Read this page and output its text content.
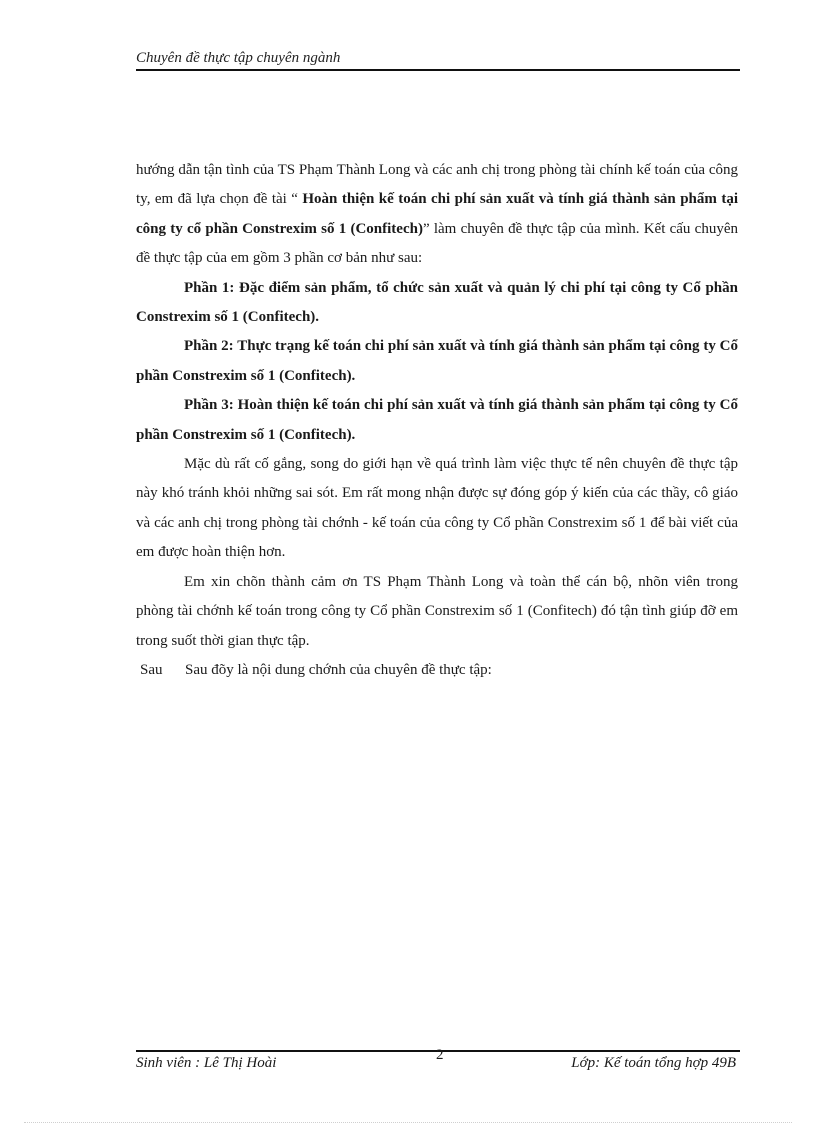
Chuyên đề thực tập chuyên ngành

hướng dẫn tận tình của TS Phạm Thành Long và các anh chị trong phòng tài chính kế toán của công ty, em đã lựa chọn đề tài “ Hoàn thiện kế toán chi phí sản xuất và tính giá thành sản phẩm tại công ty cổ phần Constrexim số 1 (Confitech)” làm chuyên đề thực tập của mình. Kết cấu chuyên đề thực tập của em gồm 3 phần cơ bản như sau:

Phần 1: Đặc điểm sản phẩm, tổ chức sản xuất và quản lý chi phí tại công ty Cổ phần Constrexim số 1 (Confitech).

Phần 2: Thực trạng kế toán chi phí sản xuất và tính giá thành sản phẩm tại công ty Cổ phần Constrexim số 1 (Confitech).

Phần 3: Hoàn thiện kế toán chi phí sản xuất và tính giá thành sản phẩm tại công ty Cổ phần Constrexim số 1 (Confitech).

Mặc dù rất cố gắng, song do giới hạn về quá trình làm việc thực tế nên chuyên đề thực tập này khó tránh khỏi những sai sót. Em rất mong nhận được sự đóng góp ý kiến của các thầy, cô giáo và các anh chị trong phòng tài chớnh - kế toán của công ty Cổ phần Constrexim số 1 để bài viết của em được hoàn thiện hơn.

Em xin chõn thành cảm ơn TS Phạm Thành Long và toàn thể cán bộ, nhõn viên trong phòng tài chớnh kế toán trong công ty Cổ phần Constrexim số 1 (Confitech) đó tận tình giúp đỡ em trong suốt thời gian thực tập.

Sau Sau đõy là nội dung chớnh của chuyên đề thực tập:

Sinh viên : Lê Thị Hoài	2	Lớp: Kế toán tổng hợp 49B
